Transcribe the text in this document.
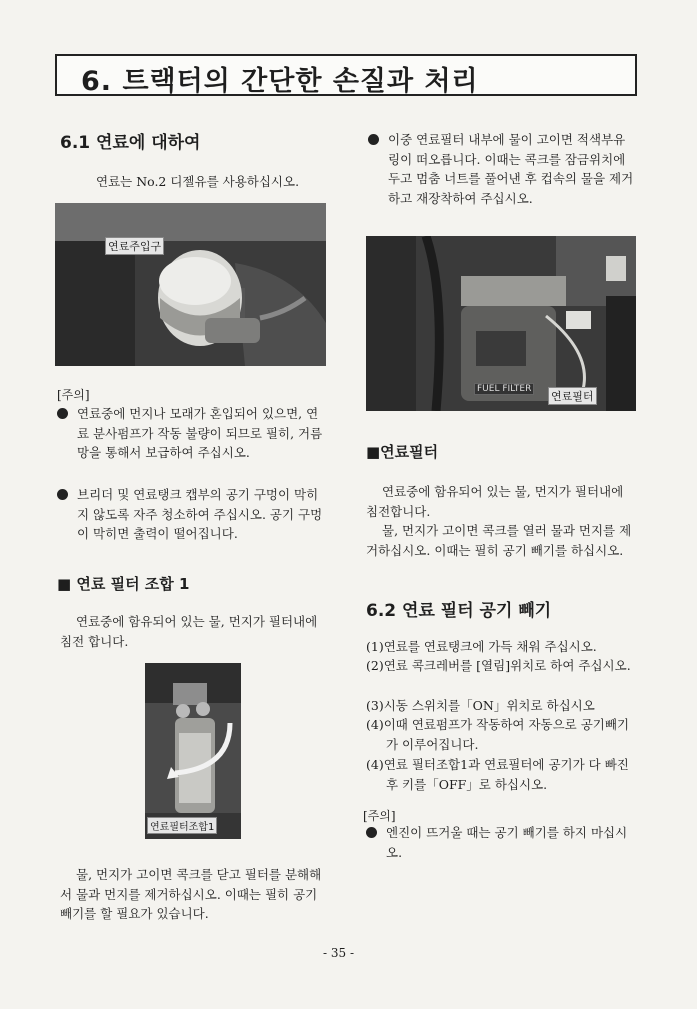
6. 트랙터의 간단한 손질과 처리
6.1 연료에 대하여
연료는 No.2 디젤유를 사용하십시오.
연료주입구
[주의]
연료중에 먼지나 모래가 혼입되어 있으면, 연료 분사펌프가 작동 불량이 되므로 필히, 거름망을 통해서 보급하여 주십시오.
브리더 및 연료탱크 캡부의 공기 구멍이 막히지 않도록 자주 청소하여 주십시오. 공기 구멍이 막히면 출력이 떨어집니다.
■ 연료 필터 조합 1
연료중에 함유되어 있는 물, 먼지가 필터내에 침전 합니다.
연료필터조합1
물, 먼지가 고이면 콕크를 닫고 필터를 분해해서 물과 먼지를 제거하십시오. 이때는 필히 공기빼기를 할 필요가 있습니다.
이중 연료필터 내부에 물이 고이면 적색부유링이 떠오릅니다. 이때는 콕크를 잠금위치에 두고 멈춤 너트를 풀어낸 후 컵속의 물을 제거하고 재장착하여 주십시오.
FUEL FILTER
연료필터
■연료필터
연료중에 함유되어 있는 물, 먼지가 필터내에 침전합니다.
물, 먼지가 고이면 콕크를 열러 물과 먼지를 제거하십시오. 이때는 필히 공기 빼기를 하십시오.
6.2 연료 필터 공기 빼기
(1)연료를 연료탱크에 가득 채워 주십시오.
(2)연료 콕크레버를 [열림]위치로 하여 주십시오.
(3)시동 스위치를「ON」위치로 하십시오
(4)이때 연료펌프가 작동하여 자동으로 공기빼기가 이루어집니다.
(4)연료 필터조합1과 연료필터에 공기가 다 빠진 후 키를「OFF」로 하십시오.
[주의]
엔진이 뜨거울 때는 공기 빼기를 하지 마십시오.
- 35 -
